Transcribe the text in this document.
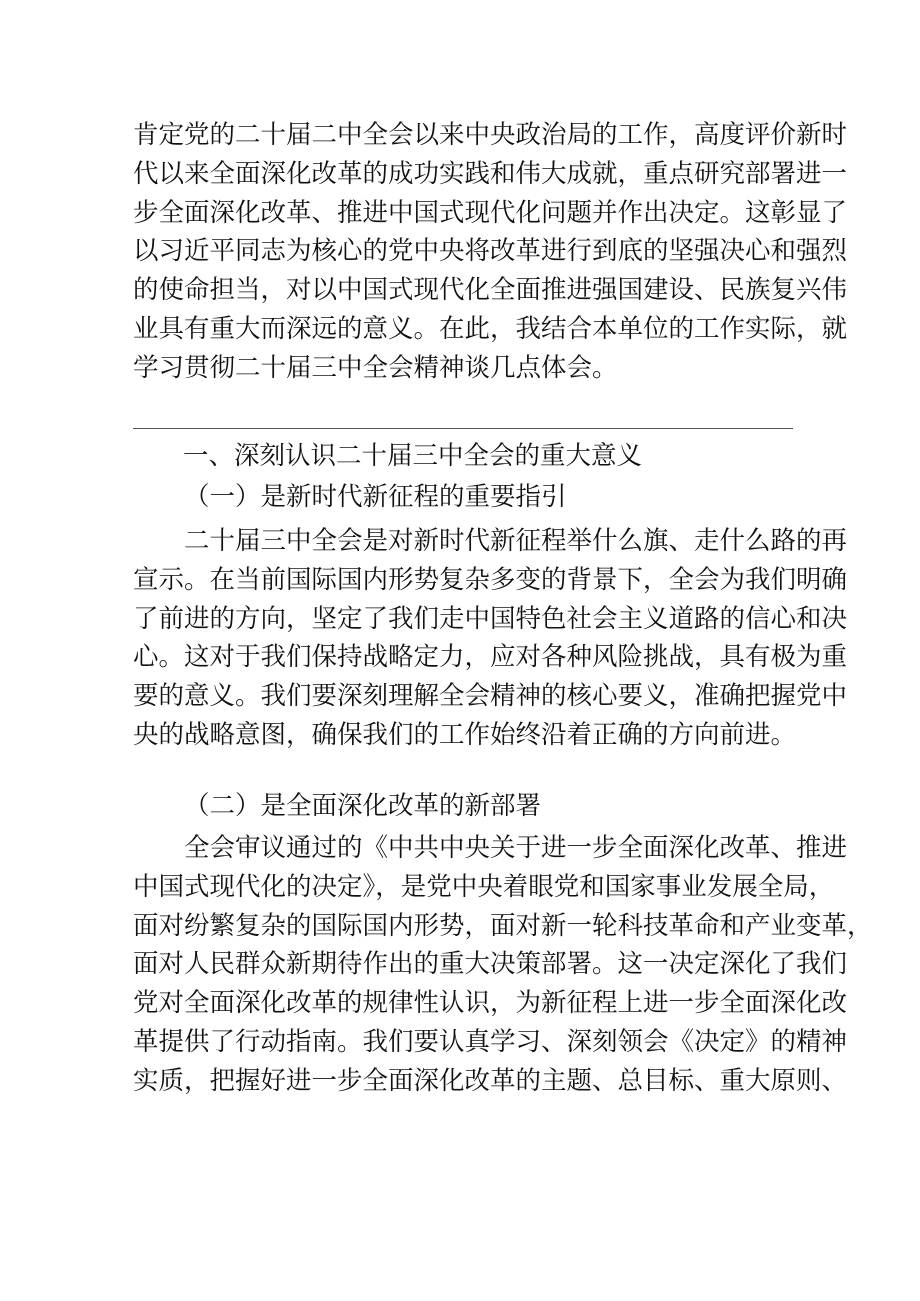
肯定党的二十届二中全会以来中央政治局的工作，高度评价新时
代以来全面深化改革的成功实践和伟大成就，重点研究部署进一
步全面深化改革、推进中国式现代化问题并作出决定。这彰显了
以习近平同志为核心的党中央将改革进行到底的坚强决心和强烈
的使命担当，对以中国式现代化全面推进强国建设、民族复兴伟
业具有重大而深远的意义。在此，我结合本单位的工作实际，就
学习贯彻二十届三中全会精神谈几点体会。
一、深刻认识二十届三中全会的重大意义
（一）是新时代新征程的重要指引
二十届三中全会是对新时代新征程举什么旗、走什么路的再
宣示。在当前国际国内形势复杂多变的背景下，全会为我们明确
了前进的方向，坚定了我们走中国特色社会主义道路的信心和决
心。这对于我们保持战略定力，应对各种风险挑战，具有极为重
要的意义。我们要深刻理解全会精神的核心要义，准确把握党中
央的战略意图，确保我们的工作始终沿着正确的方向前进。
（二）是全面深化改革的新部署
全会审议通过的《中共中央关于进一步全面深化改革、推进
中国式现代化的决定》，是党中央着眼党和国家事业发展全局，
面对纷繁复杂的国际国内形势，面对新一轮科技革命和产业变革，
面对人民群众新期待作出的重大决策部署。这一决定深化了我们
党对全面深化改革的规律性认识，为新征程上进一步全面深化改
革提供了行动指南。我们要认真学习、深刻领会《决定》的精神
实质，把握好进一步全面深化改革的主题、总目标、重大原则、
